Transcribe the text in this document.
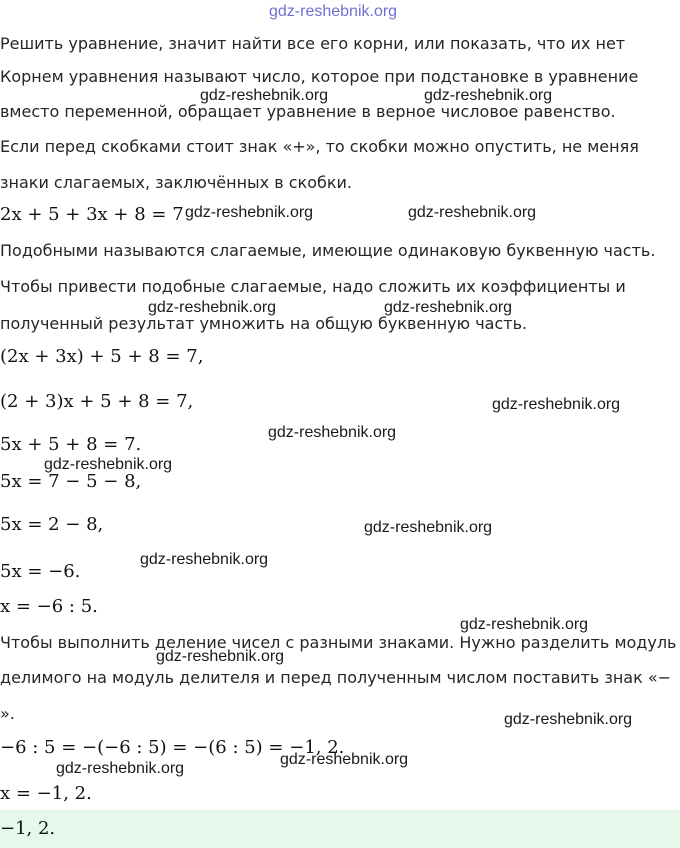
gdz-reshebnik.org
Решить уравнение, значит найти все его корни, или показать, что их нет
Корнем уравнения называют число, которое при подстановке в уравнение
вместо переменной, обращает уравнение в верное числовое равенство.
Если перед скобками стоит знак «+», то скобки можно опустить, не меняя
знаки слагаемых, заключённых в скобки.
2x + 5 + 3x + 8 = 7
Подобными называются слагаемые, имеющие одинаковую буквенную часть.
Чтобы привести подобные слагаемые, надо сложить их коэффициенты и
полученный результат умножить на общую буквенную часть.
(2x + 3x) + 5 + 8 = 7,
(2 + 3)x + 5 + 8 = 7,
5x + 5 + 8 = 7.
5x = 7 − 5 − 8,
5x = 2 − 8,
5x = −6.
x = −6 : 5.
Чтобы выполнить деление чисел с разными знаками. Нужно разделить модуль
делимого на модуль делителя и перед полученным числом поставить знак «−
».
−6 : 5 = −(−6 : 5) = −(6 : 5) = −1, 2.
x = −1, 2.
−1, 2.
gdz-reshebnik.org	gdz-reshebnik.org
gdz-reshebnik.org	gdz-reshebnik.org
gdz-reshebnik.org	gdz-reshebnik.org
gdz-reshebnik.org
gdz-reshebnik.org
gdz-reshebnik.org
gdz-reshebnik.org
gdz-reshebnik.org
gdz-reshebnik.org
gdz-reshebnik.org
gdz-reshebnik.org
gdz-reshebnik.org
gdz-reshebnik.org
